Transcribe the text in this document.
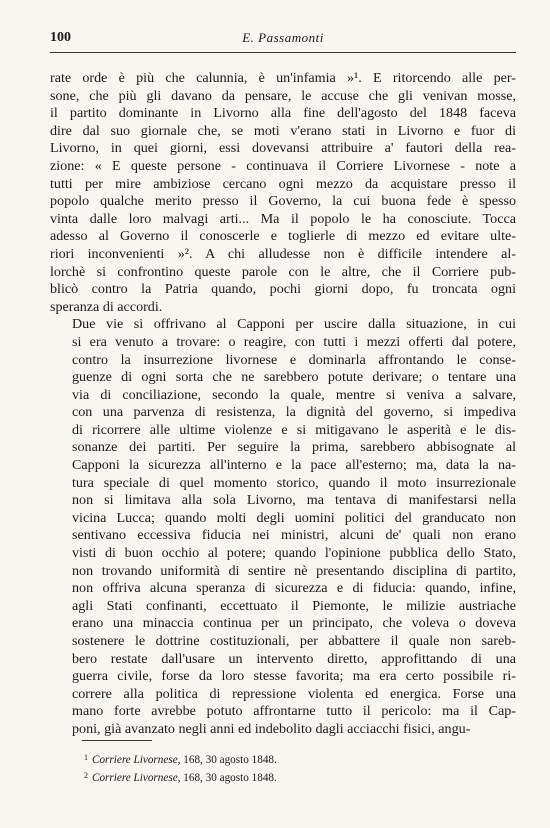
100	E. Passamonti

rate orde è più che calunnia, è un'infamia »¹. E ritorcendo alle per-
sone, che più gli davano da pensare, le accuse che gli venivan mosse,
il partito dominante in Livorno alla fine dell'agosto del 1848 faceva
dire dal suo giornale che, se moti v'erano stati in Livorno e fuor di
Livorno, in quei giorni, essi dovevansi attribuire a' fautori della rea-
zione: « E queste persone - continuava il Corriere Livornese - note a
tutti per mire ambiziose cercano ogni mezzo da acquistare presso il
popolo qualche merito presso il Governo, la cui buona fede è spesso
vinta dalle loro malvagi arti... Ma il popolo le ha conosciute. Tocca
adesso al Governo il conoscerle e toglierle di mezzo ed evitare ulte-
riori inconvenienti »². A chi alludesse non è difficile intendere al-
lorchè si confrontino queste parole con le altre, che il Corriere pub-
blicò contro la Patria quando, pochi giorni dopo, fu troncata ogni
speranza di accordi.

Due vie si offrivano al Capponi per uscire dalla situazione, in cui
si era venuto a trovare: o reagire, con tutti i mezzi offerti dal potere,
contro la insurrezione livornese e dominarla affrontando le conse-
guenze di ogni sorta che ne sarebbero potute derivare; o tentare una
via di conciliazione, secondo la quale, mentre si veniva a salvare,
con una parvenza di resistenza, la dignità del governo, si impediva
di ricorrere alle ultime violenze e si mitigavano le asperità e le dis-
sonanze dei partiti. Per seguire la prima, sarebbero abbisognate al
Capponi la sicurezza all'interno e la pace all'esterno; ma, data la na-
tura speciale di quel momento storico, quando il moto insurrezionale
non si limitava alla sola Livorno, ma tentava di manifestarsi nella
vicina Lucca; quando molti degli uomini politici del granducato non
sentivano eccessiva fiducia nei ministri, alcuni de' quali non erano
visti di buon occhio al potere; quando l'opinione pubblica dello Stato,
non trovando uniformità di sentire nè presentando disciplina di partito,
non offriva alcuna speranza di sicurezza e di fiducia: quando, infine,
agli Stati confinanti, eccettuato il Piemonte, le milizie austriache
erano una minaccia continua per un principato, che voleva o doveva
sostenere le dottrine costituzionali, per abbattere il quale non sareb-
bero restate dall'usare un intervento diretto, approfittando di una
guerra civile, forse da loro stesse favorita; ma era certo possibile ri-
correre alla politica di repressione violenta ed energica. Forse una
mano forte avrebbe potuto affrontarne tutto il pericolo: ma il Cap-
poni, già avanzato negli anni ed indebolito dagli acciacchi fisici, angu-

$^1$ Corriere Livornese, 168, 30 agosto 1848.
$^2$ Corriere Livornese, 168, 30 agosto 1848.
